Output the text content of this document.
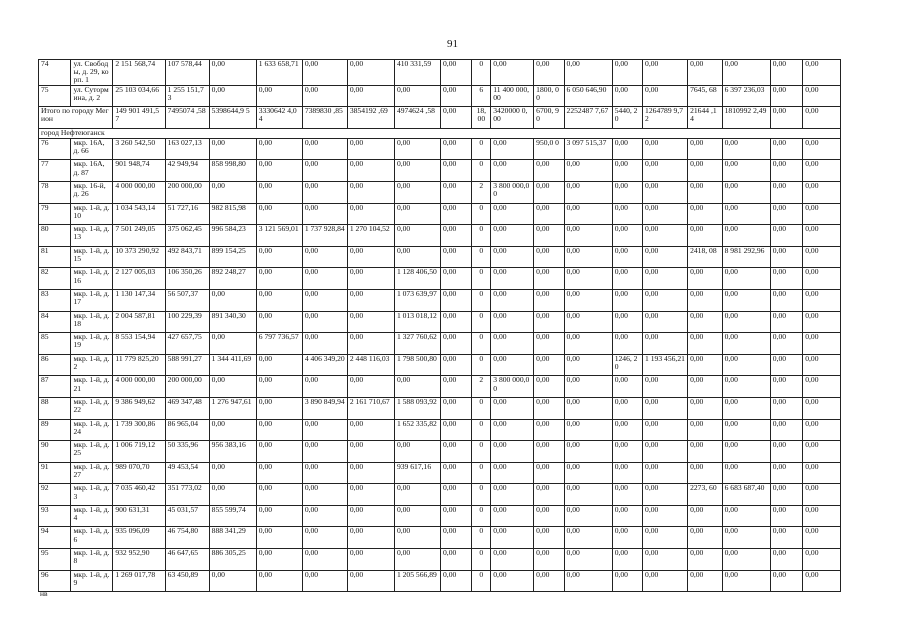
91
74	ул. Свободы, д. 29, корп. 1	2 151 568,74	107 578,44	0,00	1 633 658,71	0,00	0,00	410 331,59	0,00	0	0,00	0,00	0,00	0,00	0,00	0,00	0,00	0,00	0,00
75	ул. Сутормина, д. 2	25 103 034,66	1 255 151,73	0,00	0,00	0,00	0,00	0,00	0,00	6	11 400 000,00	1800, 00	6 050 646,90	0,00	0,00	7645, 68	6 397 236,03	0,00	0,00
Итого по городу Мегион		149 901 491,57	7495074 ,58	5398644,9 5	3330642 4,04	7389830 ,85	3854192 ,69	4974624 ,58	0,00	18, 00	3420000 0,00	6700, 90	2252487 7,67	5440, 20	1264789 9,72	21644 ,14	1810992 2,49	0,00	0,00
город Нефтеюганск																			
76	мкр. 16А, д. 66	3 260 542,50	163 027,13	0,00	0,00	0,00	0,00	0,00	0,00	0	0,00	950,0 0	3 097 515,37	0,00	0,00	0,00	0,00	0,00	0,00
77	мкр. 16А, д. 87	901 948,74	42 949,94	858 998,80	0,00	0,00	0,00	0,00	0,00	0	0,00	0,00	0,00	0,00	0,00	0,00	0,00	0,00	0,00
78	мкр. 16-й, д. 26	4 000 000,00	200 000,00	0,00	0,00	0,00	0,00	0,00	0,00	2	3 800 000,00	0,00	0,00	0,00	0,00	0,00	0,00	0,00	0,00
79	мкр. 1-й, д. 10	1 034 543,14	51 727,16	982 815,98	0,00	0,00	0,00	0,00	0,00	0	0,00	0,00	0,00	0,00	0,00	0,00	0,00	0,00	0,00
80	мкр. 1-й, д. 13	7 501 249,05	375 062,45	996 584,23	3 121 569,01	1 737 928,84	1 270 104,52	0,00	0,00	0	0,00	0,00	0,00	0,00	0,00	0,00	0,00	0,00	0,00
81	мкр. 1-й, д. 15	10 373 290,92	492 843,71	899 154,25	0,00	0,00	0,00	0,00	0,00	0	0,00	0,00	0,00	0,00	0,00	2418, 08	8 981 292,96	0,00	0,00
82	мкр. 1-й, д. 16	2 127 005,03	106 350,26	892 248,27	0,00	0,00	0,00	1 128 406,50	0,00	0	0,00	0,00	0,00	0,00	0,00	0,00	0,00	0,00	0,00
83	мкр. 1-й, д. 17	1 130 147,34	56 507,37	0,00	0,00	0,00	0,00	1 073 639,97	0,00	0	0,00	0,00	0,00	0,00	0,00	0,00	0,00	0,00	0,00
84	мкр. 1-й, д. 18	2 004 587,81	100 229,39	891 340,30	0,00	0,00	0,00	1 013 018,12	0,00	0	0,00	0,00	0,00	0,00	0,00	0,00	0,00	0,00	0,00
85	мкр. 1-й, д. 19	8 553 154,94	427 657,75	0,00	6 797 736,57	0,00	0,00	1 327 760,62	0,00	0	0,00	0,00	0,00	0,00	0,00	0,00	0,00	0,00	0,00
86	мкр. 1-й, д. 2	11 779 825,20	588 991,27	1 344 411,69	0,00	4 406 349,20	2 448 116,03	1 798 500,80	0,00	0	0,00	0,00	0,00	1246, 20	1 193 456,21	0,00	0,00	0,00	0,00
87	мкр. 1-й, д. 21	4 000 000,00	200 000,00	0,00	0,00	0,00	0,00	0,00	0,00	2	3 800 000,00	0,00	0,00	0,00	0,00	0,00	0,00	0,00	0,00
88	мкр. 1-й, д. 22	9 386 949,62	469 347,48	1 276 947,61	0,00	3 890 849,94	2 161 710,67	1 588 093,92	0,00	0	0,00	0,00	0,00	0,00	0,00	0,00	0,00	0,00	0,00
89	мкр. 1-й, д. 24	1 739 300,86	86 965,04	0,00	0,00	0,00	0,00	1 652 335,82	0,00	0	0,00	0,00	0,00	0,00	0,00	0,00	0,00	0,00	0,00
90	мкр. 1-й, д. 25	1 006 719,12	50 335,96	956 383,16	0,00	0,00	0,00	0,00	0,00	0	0,00	0,00	0,00	0,00	0,00	0,00	0,00	0,00	0,00
91	мкр. 1-й, д. 27	989 070,70	49 453,54	0,00	0,00	0,00	0,00	939 617,16	0,00	0	0,00	0,00	0,00	0,00	0,00	0,00	0,00	0,00	0,00
92	мкр. 1-й, д. 3	7 035 460,42	351 773,02	0,00	0,00	0,00	0,00	0,00	0,00	0	0,00	0,00	0,00	0,00	0,00	2273, 60	6 683 687,40	0,00	0,00
93	мкр. 1-й, д. 4	900 631,31	45 031,57	855 599,74	0,00	0,00	0,00	0,00	0,00	0	0,00	0,00	0,00	0,00	0,00	0,00	0,00	0,00	0,00
94	мкр. 1-й, д. 6	935 096,09	46 754,80	888 341,29	0,00	0,00	0,00	0,00	0,00	0	0,00	0,00	0,00	0,00	0,00	0,00	0,00	0,00	0,00
95	мкр. 1-й, д. 8	932 952,90	46 647,65	886 305,25	0,00	0,00	0,00	0,00	0,00	0	0,00	0,00	0,00	0,00	0,00	0,00	0,00	0,00	0,00
96	мкр. 1-й, д. 9	1 269 017,78	63 450,89	0,00	0,00	0,00	0,00	1 205 566,89	0,00	0	0,00	0,00	0,00	0,00	0,00	0,00	0,00	0,00	0,00
нв
